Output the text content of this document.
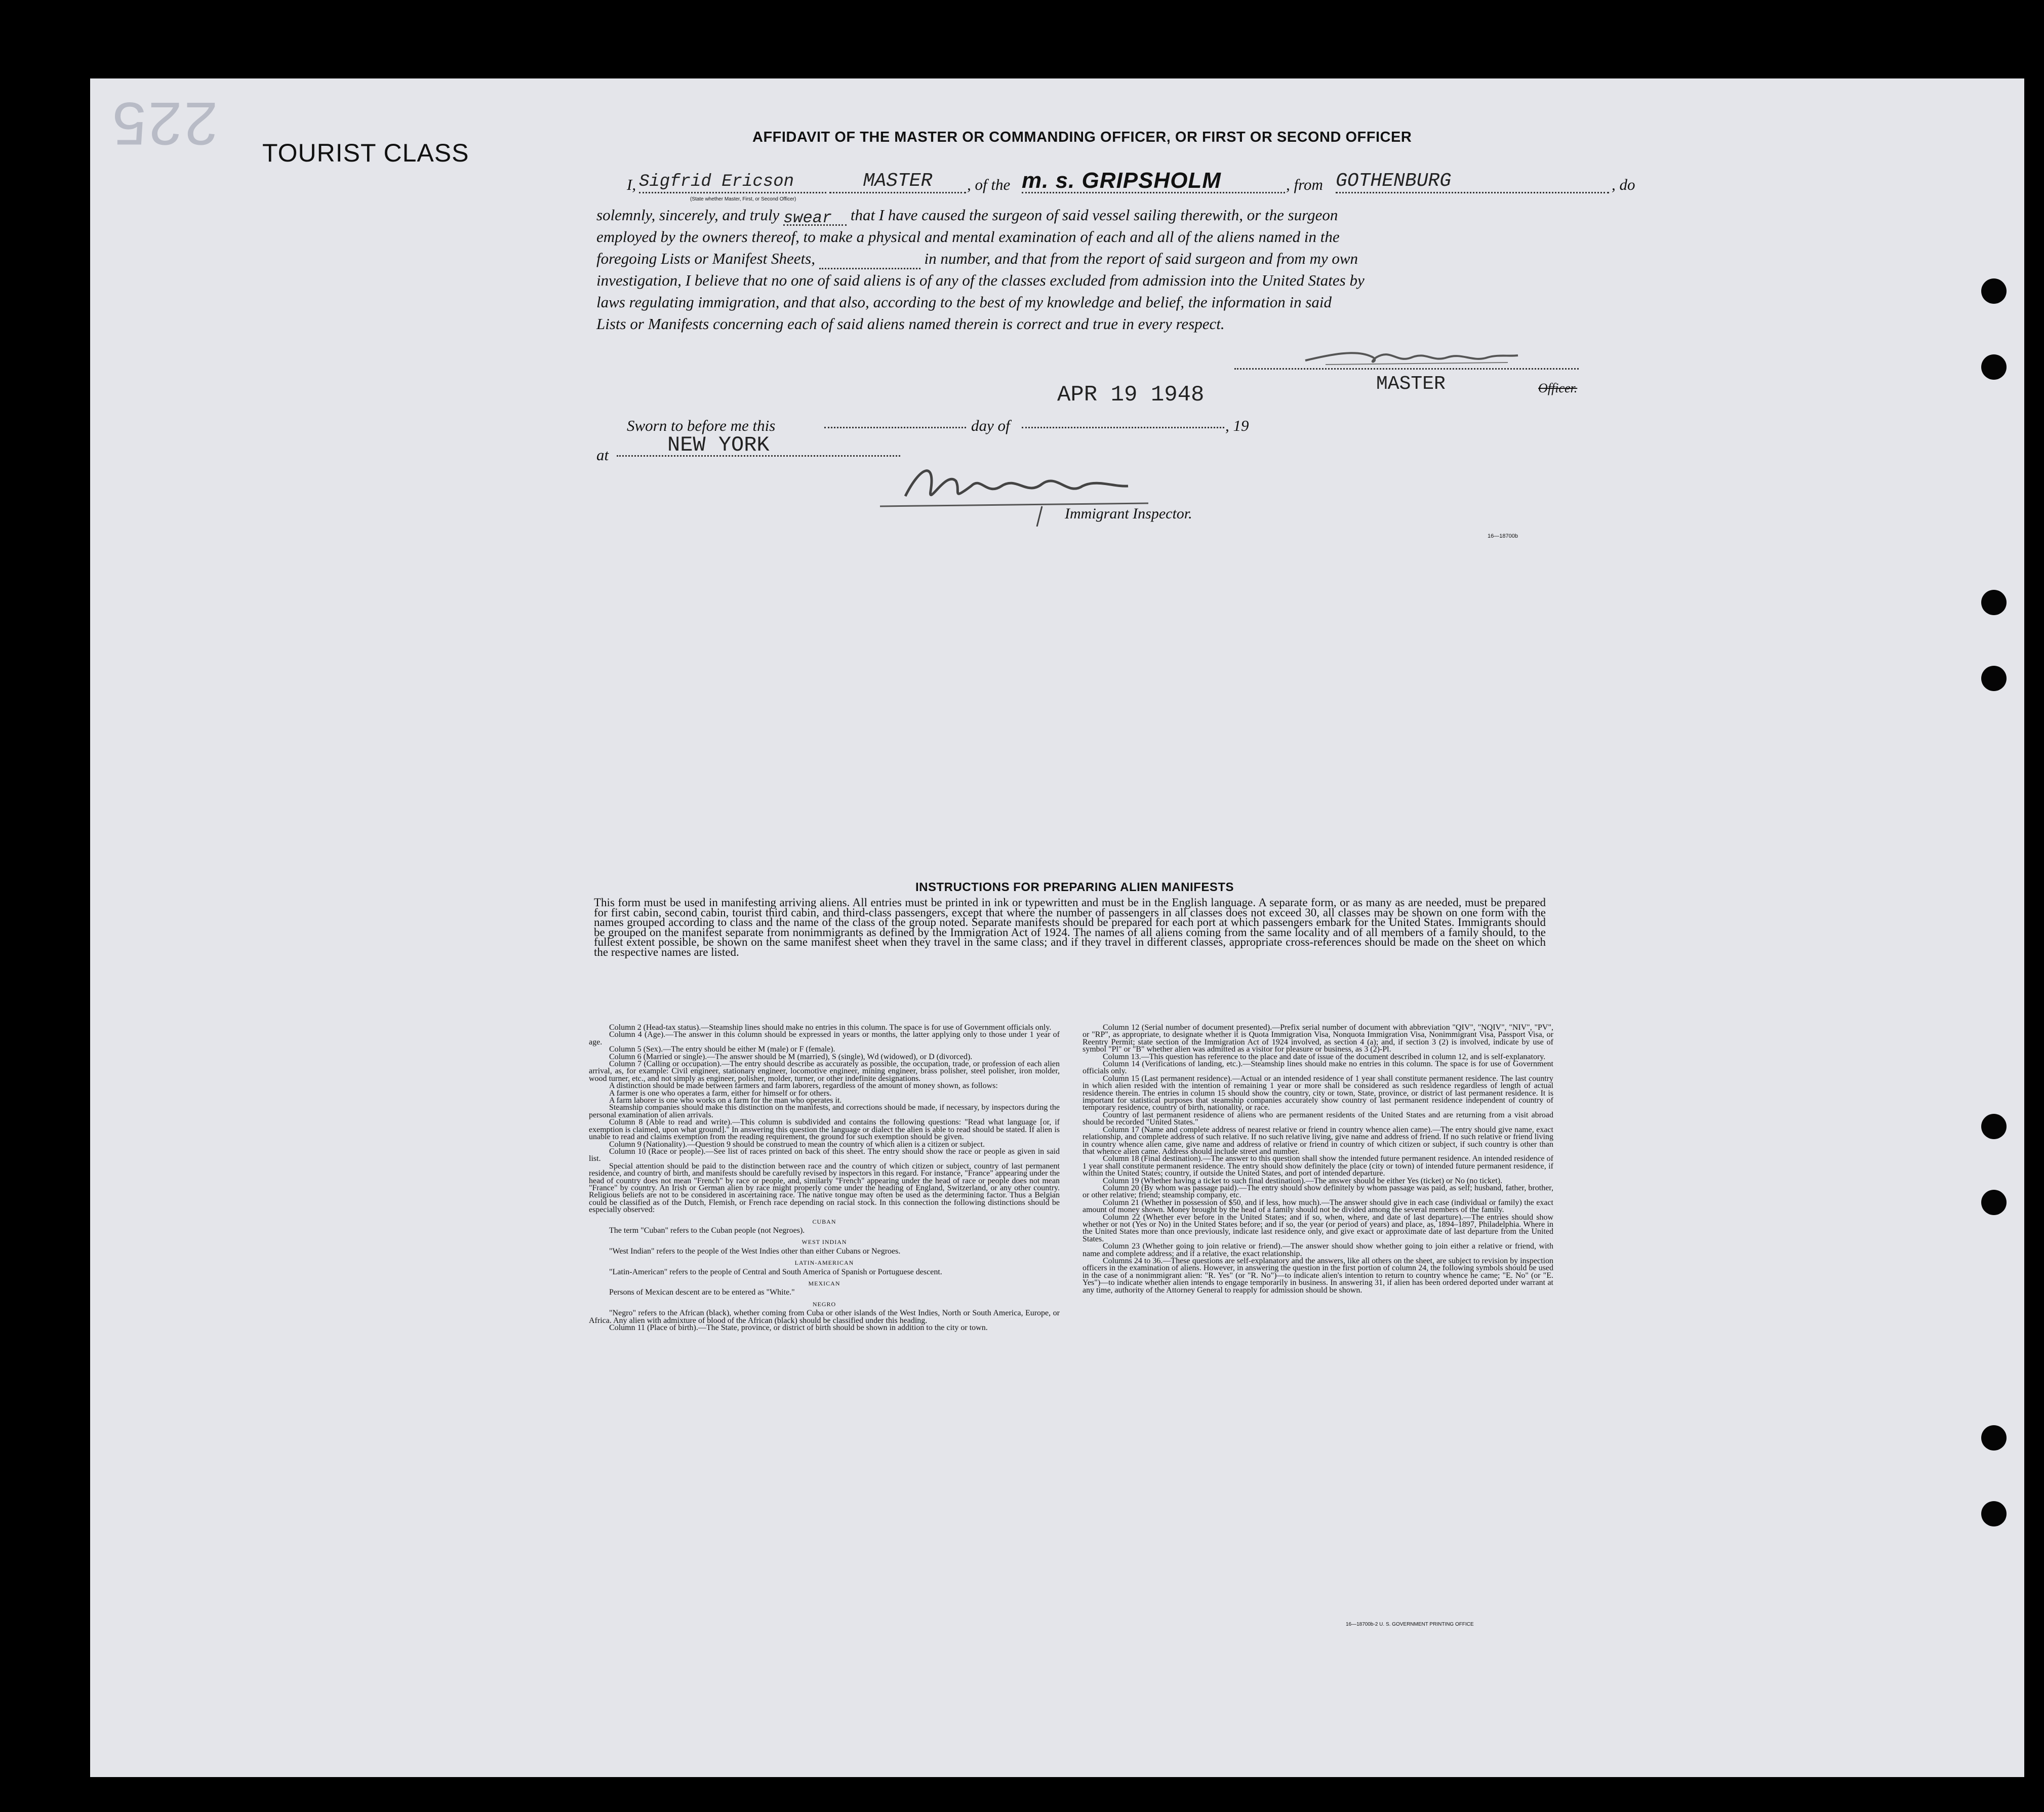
225 TOURIST CLASS
AFFIDAVIT OF THE MASTER OR COMMANDING OFFICER, OR FIRST OR SECOND OFFICER
I, Sigfrid Ericson	MASTER	, of the m. s. GRIPSHOLM	, from GOTHENBURG	, do
(State whether Master, First, or Second Officer)
solemnly, sincerely, and truly swear that I have caused the surgeon of said vessel sailing therewith, or the surgeon
employed by the owners thereof, to make a physical and mental examination of each and all of the aliens named in the
foregoing Lists or Manifest Sheets,	in number, and that from the report of said surgeon and from my own
investigation, I believe that no one of said aliens is of any of the classes excluded from admission into the United States by
laws regulating immigration, and that also, according to the best of my knowledge and belief, the information in said
Lists or Manifests concerning each of said aliens named therein is correct and true in every respect.
MASTER	Officer.
APR 19 1948
Sworn to before me this	day of	, 19
at	NEW YORK
Immigrant Inspector.
16—18700b
INSTRUCTIONS FOR PREPARING ALIEN MANIFESTS
This form must be used in manifesting arriving aliens. All entries must be printed in ink or typewritten and must be in the English language. A separate form, or as many as are needed, must be prepared for first cabin, second cabin, tourist third cabin, and third-class passengers, except that where the number of passengers in all classes does not exceed 30, all classes may be shown on one form with the names grouped according to class and the name of the class of the group noted. Separate manifests should be prepared for each port at which passengers embark for the United States. Immigrants should be grouped on the manifest separate from nonimmigrants as defined by the Immigration Act of 1924. The names of all aliens coming from the same locality and of all members of a family should, to the fullest extent possible, be shown on the same manifest sheet when they travel in the same class; and if they travel in different classes, appropriate cross-references should be made on the sheet on which the respective names are listed.

Column 2 (Head-tax status).—Steamship lines should make no entries in this column. The space is for use of Government officials only.

Column 4 (Age).—The answer in this column should be expressed in years or months, the latter applying only to those under 1 year of age.

Column 5 (Sex).—The entry should be either M (male) or F (female).

Column 6 (Married or single).—The answer should be M (married), S (single), Wd (widowed), or D (divorced).

Column 7 (Calling or occupation).—The entry should describe as accurately as possible, the occupation, trade, or profession of each alien arrival, as, for example: Civil engineer, stationary engineer, locomotive engineer, mining engineer, brass polisher, steel polisher, iron molder, wood turner, etc., and not simply as engineer, polisher, molder, turner, or other indefinite designations.

A distinction should be made between farmers and farm laborers, regardless of the amount of money shown, as follows:

A farmer is one who operates a farm, either for himself or for others.

A farm laborer is one who works on a farm for the man who operates it.

Steamship companies should make this distinction on the manifests, and corrections should be made, if necessary, by inspectors during the personal examination of alien arrivals.

Column 8 (Able to read and write).—This column is subdivided and contains the following questions: "Read what language [or, if exemption is claimed, upon what ground]." In answering this question the language or dialect the alien is able to read should be stated. If alien is unable to read and claims exemption from the reading requirement, the ground for such exemption should be given.

Column 9 (Nationality).—Question 9 should be construed to mean the country of which alien is a citizen or subject.

Column 10 (Race or people).—See list of races printed on back of this sheet. The entry should show the race or people as given in said list.

Special attention should be paid to the distinction between race and the country of which citizen or subject, country of last permanent residence, and country of birth, and manifests should be carefully revised by inspectors in this regard. For instance, "France" appearing under the head of country does not mean "French" by race or people, and, similarly "French" appearing under the head of race or people does not mean "France" by country. An Irish or German alien by race might properly come under the heading of England, Switzerland, or any other country. Religious beliefs are not to be considered in ascertaining race. The native tongue may often be used as the determining factor. Thus a Belgian could be classified as of the Dutch, Flemish, or French race depending on racial stock. In this connection the following distinctions should be especially observed:

CUBAN

The term "Cuban" refers to the Cuban people (not Negroes).

WEST INDIAN

"West Indian" refers to the people of the West Indies other than either Cubans or Negroes.

LATIN-AMERICAN

"Latin-American" refers to the people of Central and South America of Spanish or Portuguese descent.

MEXICAN

Persons of Mexican descent are to be entered as "White."

NEGRO

"Negro" refers to the African (black), whether coming from Cuba or other islands of the West Indies, North or South America, Europe, or Africa. Any alien with admixture of blood of the African (black) should be classified under this heading.

Column 11 (Place of birth).—The State, province, or district of birth should be shown in addition to the city or town.

Column 12 (Serial number of document presented).—Prefix serial number of document with abbreviation "QIV", "NQIV", "NIV", "PV", or "RP", as appropriate, to designate whether it is Quota Immigration Visa, Nonquota Immigration Visa, Nonimmigrant Visa, Passport Visa, or Reentry Permit; state section of the Immigration Act of 1924 involved, as section 4 (a); and, if section 3 (2) is involved, indicate by use of symbol "Pl" or "B" whether alien was admitted as a visitor for pleasure or business, as 3 (2)-Pl.

Column 13.—This question has reference to the place and date of issue of the document described in column 12, and is self-explanatory.

Column 14 (Verifications of landing, etc.).—Steamship lines should make no entries in this column. The space is for use of Government officials only.

Column 15 (Last permanent residence).—Actual or an intended residence of 1 year shall constitute permanent residence. The last country in which alien resided with the intention of remaining 1 year or more shall be considered as such residence regardless of length of actual residence therein. The entries in column 15 should show the country, city or town, State, province, or district of last permanent residence. It is important for statistical purposes that steamship companies accurately show country of last permanent residence independent of country of temporary residence, country of birth, nationality, or race.

Country of last permanent residence of aliens who are permanent residents of the United States and are returning from a visit abroad should be recorded "United States."

Column 17 (Name and complete address of nearest relative or friend in country whence alien came).—The entry should give name, exact relationship, and complete address of such relative. If no such relative living, give name and address of friend. If no such relative or friend living in country whence alien came, give name and address of relative or friend in country of which citizen or subject, if such country is other than that whence alien came. Address should include street and number.

Column 18 (Final destination).—The answer to this question shall show the intended future permanent residence. An intended residence of 1 year shall constitute permanent residence. The entry should show definitely the place (city or town) of intended future permanent residence, if within the United States; country, if outside the United States, and port of intended departure.

Column 19 (Whether having a ticket to such final destination).—The answer should be either Yes (ticket) or No (no ticket).

Column 20 (By whom was passage paid).—The entry should show definitely by whom passage was paid, as self; husband, father, brother, or other relative; friend; steamship company, etc.

Column 21 (Whether in possession of $50, and if less, how much).—The answer should give in each case (individual or family) the exact amount of money shown. Money brought by the head of a family should not be divided among the several members of the family.

Column 22 (Whether ever before in the United States; and if so, when, where, and date of last departure).—The entries should show whether or not (Yes or No) in the United States before; and if so, the year (or period of years) and place, as, 1894–1897, Philadelphia. Where in the United States more than once previously, indicate last residence only, and give exact or approximate date of last departure from the United States.

Column 23 (Whether going to join relative or friend).—The answer should show whether going to join either a relative or friend, with name and complete address; and if a relative, the exact relationship.

Columns 24 to 36.—These questions are self-explanatory and the answers, like all others on the sheet, are subject to revision by inspection officers in the examination of aliens. However, in answering the question in the first portion of column 24, the following symbols should be used in the case of a nonimmigrant alien: "R. Yes" (or "R. No")—to indicate alien's intention to return to country whence he came; "E. No" (or "E. Yes")—to indicate whether alien intends to engage temporarily in business. In answering 31, if alien has been ordered deported under warrant at any time, authority of the Attorney General to reapply for admission should be shown.

16—18700b-2 U. S. GOVERNMENT PRINTING OFFICE
